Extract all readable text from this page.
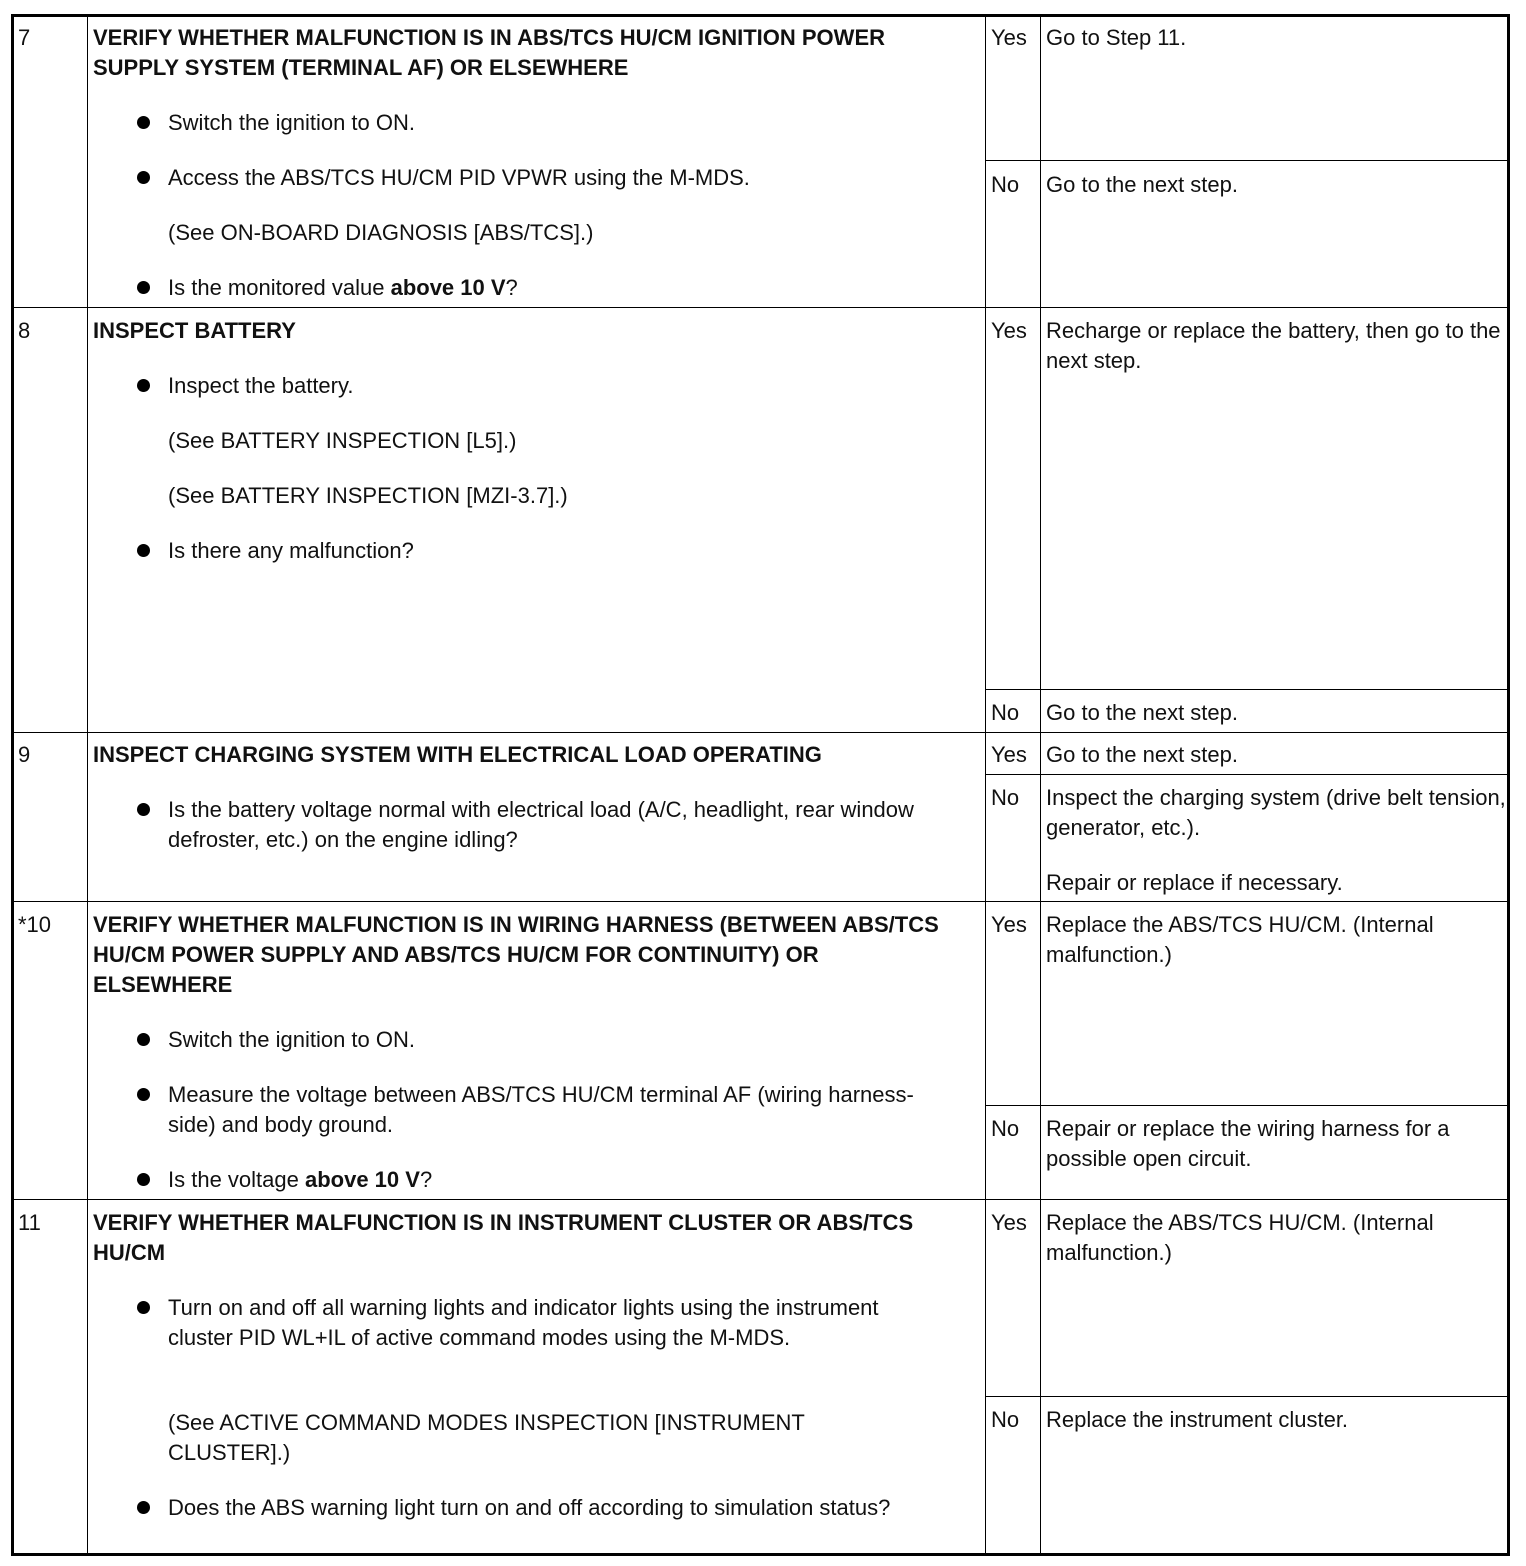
7	VERIFY WHETHER MALFUNCTION IS IN ABS/TCS HU/CM IGNITION POWER SUPPLY SYSTEM (TERMINAL AF) OR ELSEWHERE
Switch the ignition to ON.
Access the ABS/TCS HU/CM PID VPWR using the M-MDS.
(See ON-BOARD DIAGNOSIS [ABS/TCS].)
Is the monitored value above 10 V?
Yes Go to Step 11.
No Go to the next step.
8	INSPECT BATTERY
Inspect the battery.
(See BATTERY INSPECTION [L5].)
(See BATTERY INSPECTION [MZI-3.7].)
Is there any malfunction?
Yes Recharge or replace the battery, then go to the next step.
No Go to the next step.
9	INSPECT CHARGING SYSTEM WITH ELECTRICAL LOAD OPERATING
Is the battery voltage normal with electrical load (A/C, headlight, rear window defroster, etc.) on the engine idling?
Yes Go to the next step.
No Inspect the charging system (drive belt tension, generator, etc.).
Repair or replace if necessary.
*10 VERIFY WHETHER MALFUNCTION IS IN WIRING HARNESS (BETWEEN ABS/TCS HU/CM POWER SUPPLY AND ABS/TCS HU/CM FOR CONTINUITY) OR ELSEWHERE
Switch the ignition to ON.
Measure the voltage between ABS/TCS HU/CM terminal AF (wiring harness-side) and body ground.
Is the voltage above 10 V?
Yes Replace the ABS/TCS HU/CM. (Internal malfunction.)
No Repair or replace the wiring harness for a possible open circuit.
11 VERIFY WHETHER MALFUNCTION IS IN INSTRUMENT CLUSTER OR ABS/TCS HU/CM
Turn on and off all warning lights and indicator lights using the instrument cluster PID WL+IL of active command modes using the M-MDS.
(See ACTIVE COMMAND MODES INSPECTION [INSTRUMENT CLUSTER].)
Does the ABS warning light turn on and off according to simulation status?
Yes Replace the ABS/TCS HU/CM. (Internal malfunction.)
No Replace the instrument cluster.
